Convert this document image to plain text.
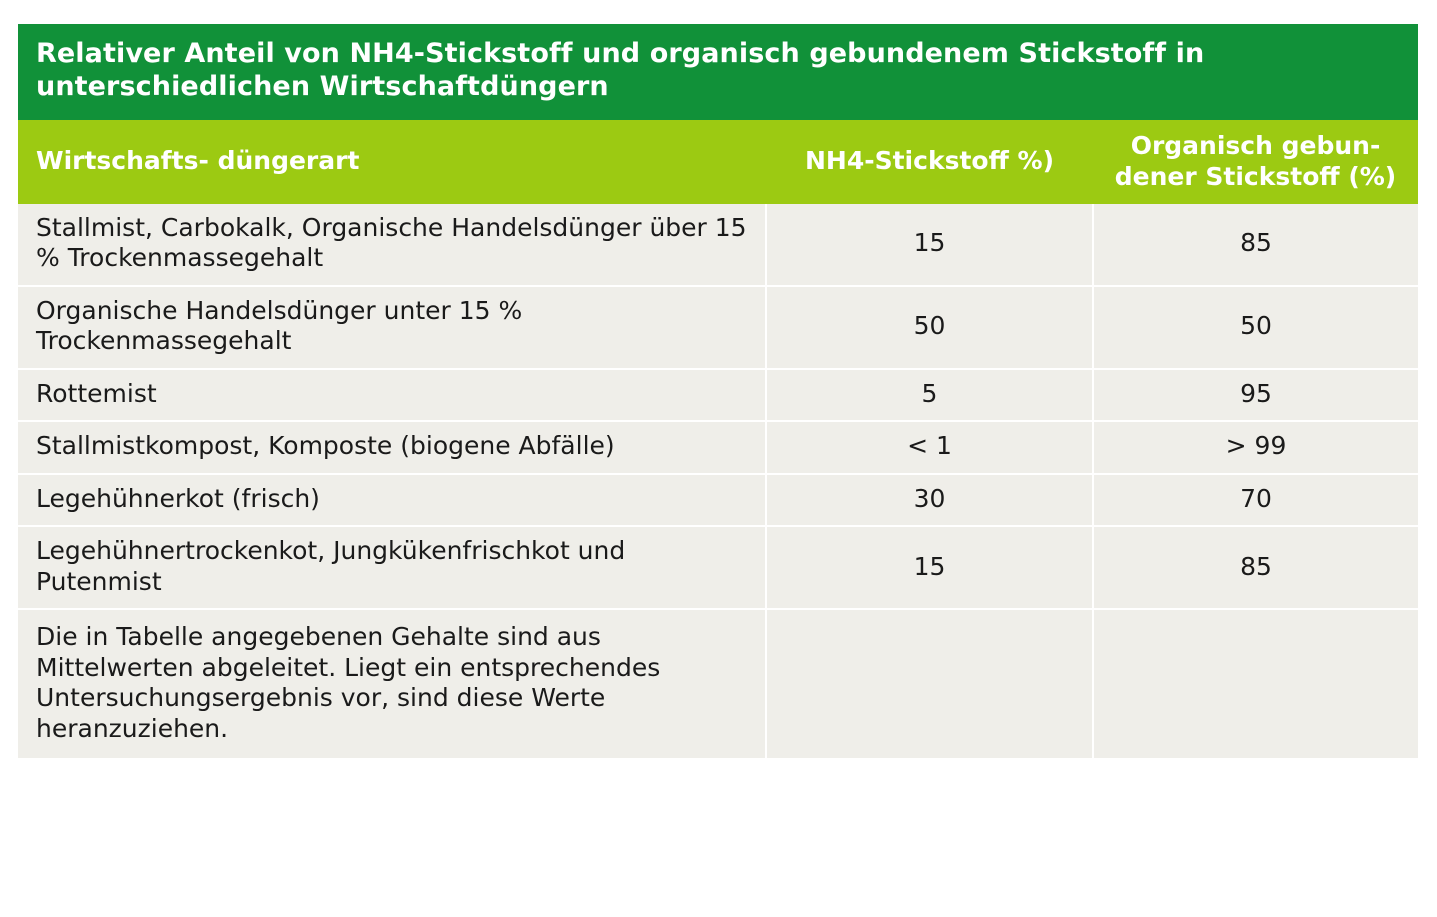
Relativer Anteil von NH4-Stickstoff und organisch gebundenem Stickstoff in unterschiedlichen Wirtschaftdüngern		
Wirtschafts- düngerart	NH4-Stickstoff %)	Organisch gebun- dener Stickstoff (%)
Stallmist, Carbokalk, Organische Handelsdünger über 15 % Trockenmassegehalt	15	85
Organische Handelsdünger unter 15 % Trockenmassegehalt	50	50
Rottemist	5	95
Stallmistkompost, Komposte (biogene Abfälle)	< 1	> 99
Legehühnerkot (frisch)	30	70
Legehühnertrockenkot, Jungkükenfrischkot und Putenmist	15	85
Die in Tabelle angegebenen Gehalte sind aus Mittelwerten abgeleitet. Liegt ein entsprechendes Untersuchungsergebnis vor, sind diese Werte heranzuziehen.		
